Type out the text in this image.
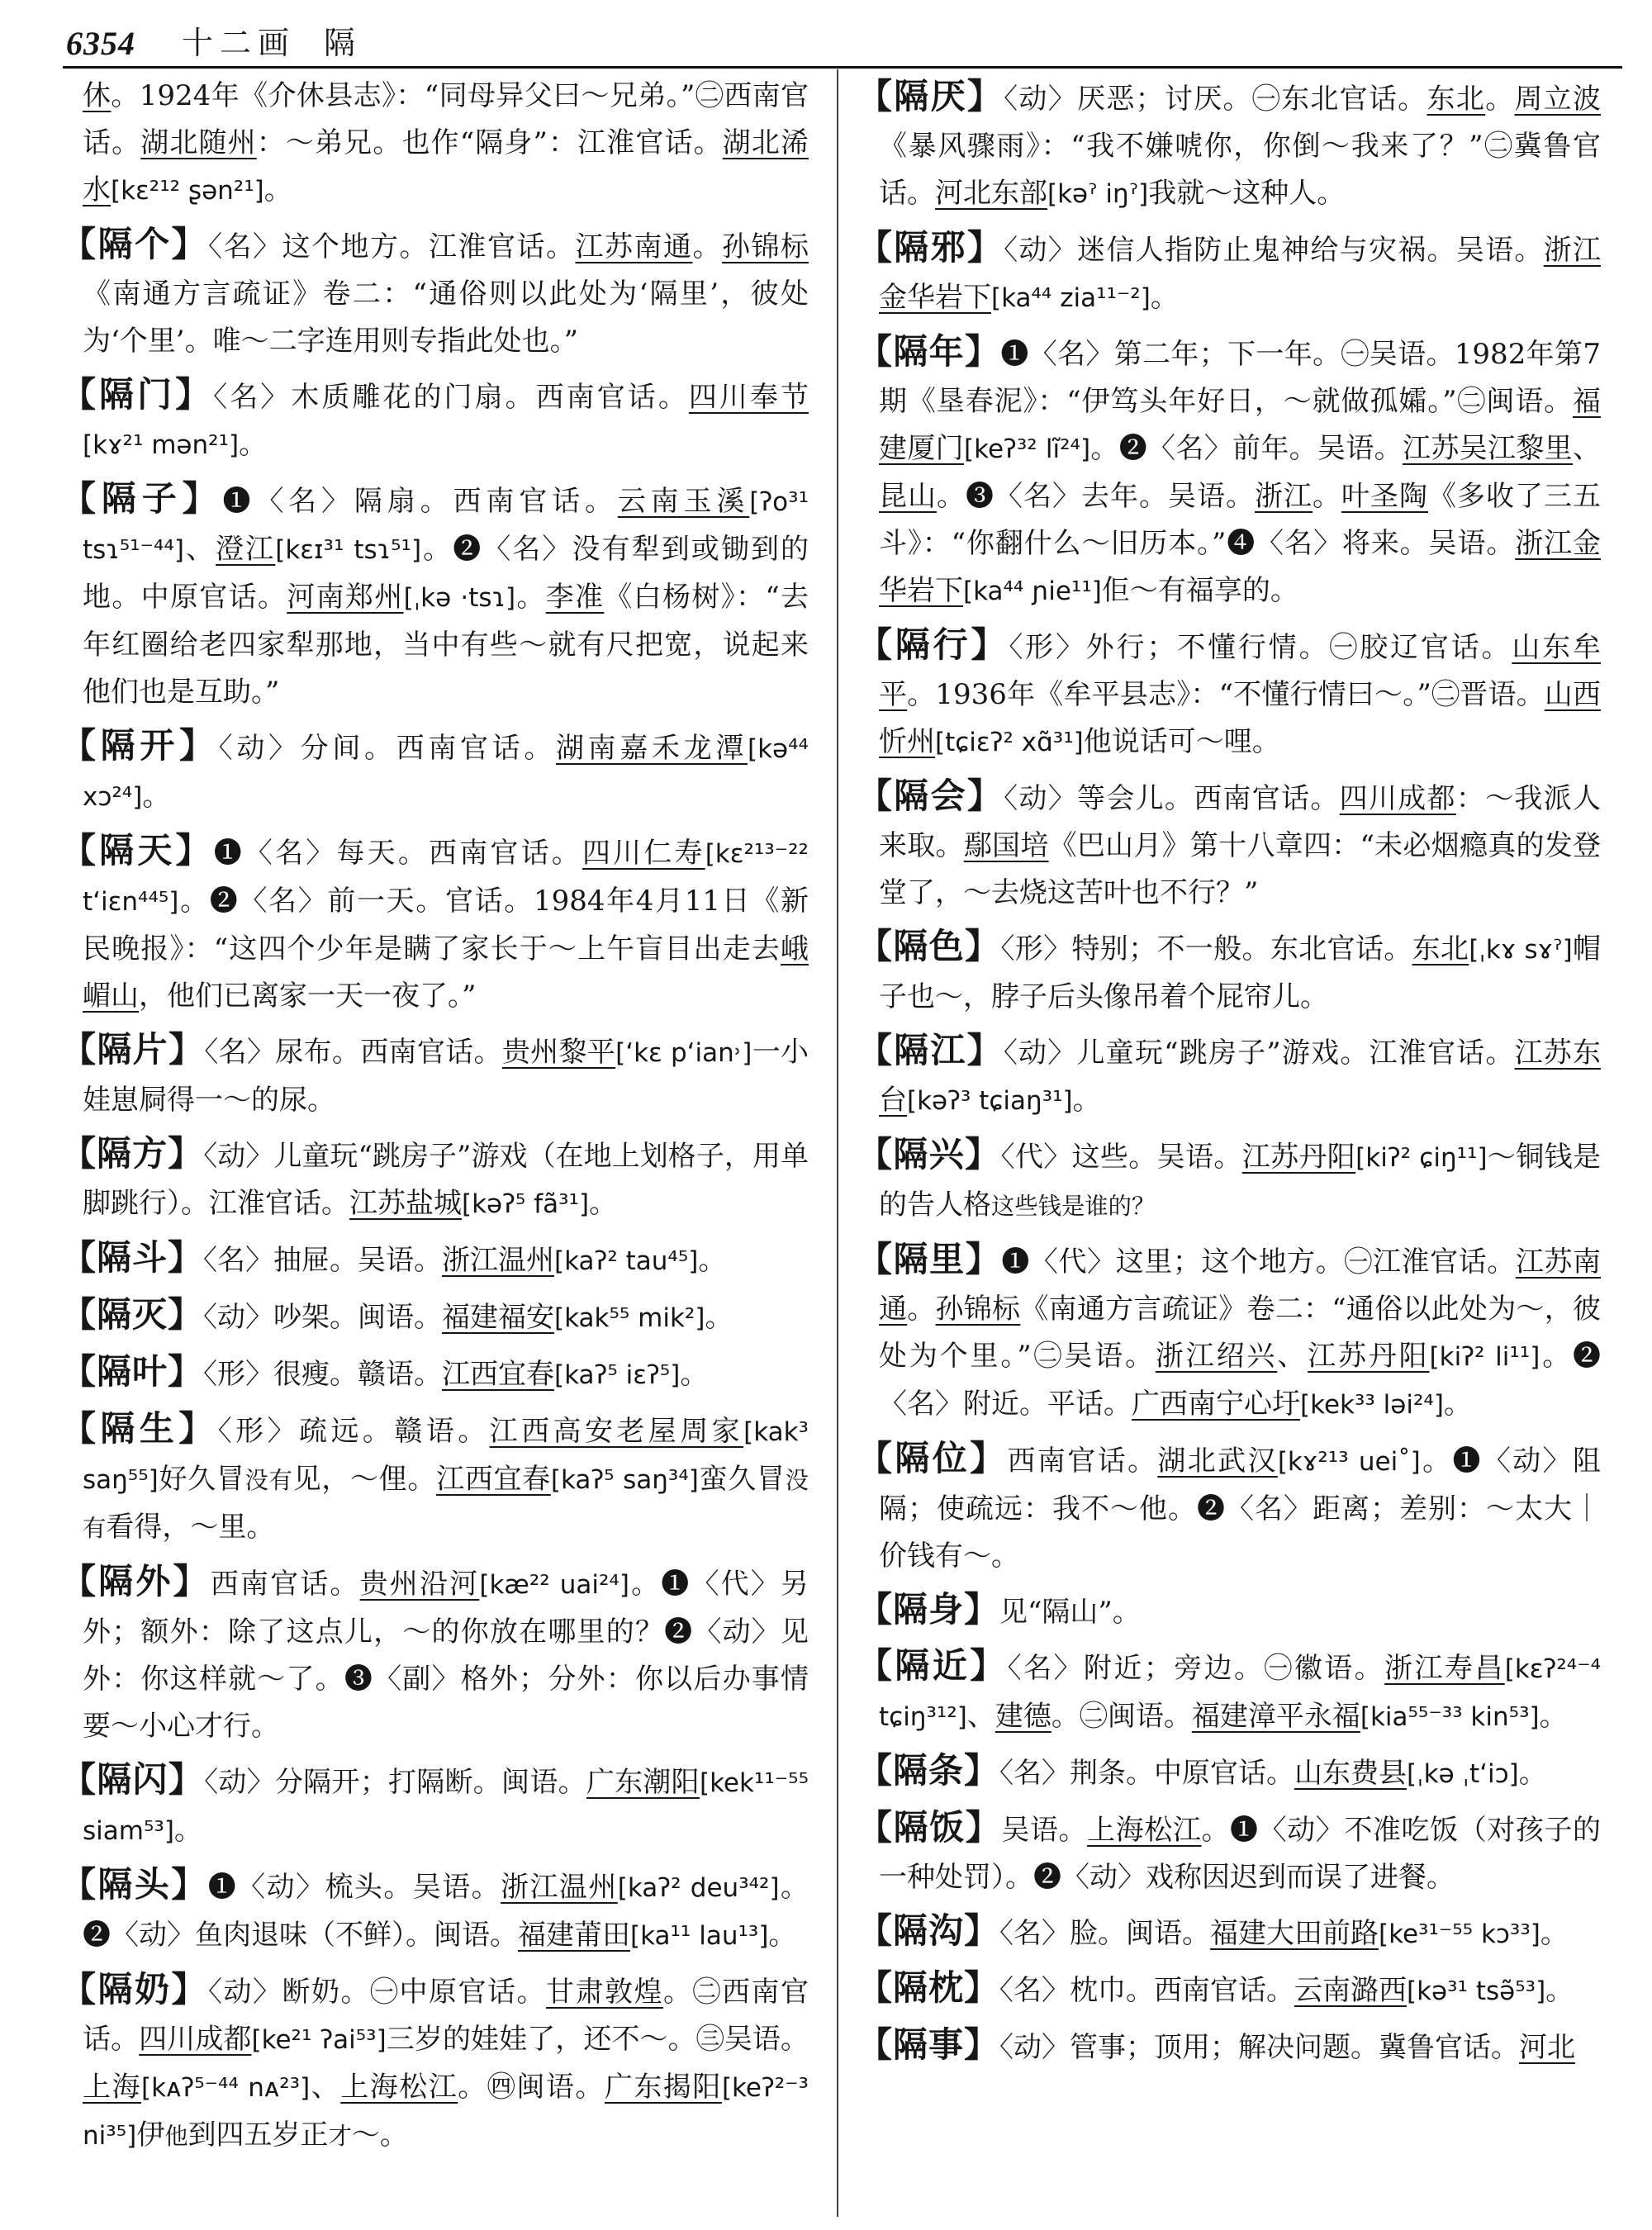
6354 十二画 隔

休。1924年《介休县志》：“同母异父曰～兄弟。”㊁西南官话。湖北随州：～弟兄。也作“隔身”：江淮官话。湖北浠水[kɛ²¹² ʂən²¹]。

【隔个】〈名〉这个地方。江淮官话。江苏南通。孙锦标《南通方言疏证》卷二：“通俗则以此处为‘隔里’，彼处为‘个里’。唯～二字连用则专指此处也。”

【隔门】〈名〉木质雕花的门扇。西南官话。四川奉节[kɤ²¹ mən²¹]。

【隔子】❶〈名〉隔扇。西南官话。云南玉溪[ʔo³¹ tsɿ⁵¹⁻⁴⁴]、澄江[kɛɪ³¹ tsɿ⁵¹]。❷〈名〉没有犁到或锄到的地。中原官话。河南郑州[ˌkə ·tsɿ]。李准《白杨树》：“去年红圈给老四家犁那地，当中有些～就有尺把宽，说起来他们也是互助。”

【隔开】〈动〉分间。西南官话。湖南嘉禾龙潭[kə⁴⁴ xɔ²⁴]。

【隔天】❶〈名〉每天。西南官话。四川仁寿[kɛ²¹³⁻²² tʻiɛn⁴⁴⁵]。❷〈名〉前一天。官话。1984年4月11日《新民晚报》：“这四个少年是瞒了家长于～上午盲目出走去峨嵋山，他们已离家一天一夜了。”

【隔片】〈名〉尿布。西南官话。贵州黎平[ʻkɛ pʻian˒]一小娃崽屙得一～的尿。

【隔方】〈动〉儿童玩“跳房子”游戏（在地上划格子，用单脚跳行）。江淮官话。江苏盐城[kəʔ⁵ fã³¹]。

【隔斗】〈名〉抽屉。吴语。浙江温州[kaʔ² tau⁴⁵]。

【隔灭】〈动〉吵架。闽语。福建福安[kak⁵⁵ mik²]。

【隔叶】〈形〉很瘦。赣语。江西宜春[kaʔ⁵ iɛʔ⁵]。

【隔生】〈形〉疏远。赣语。江西高安老屋周家[kak³ saŋ⁵⁵]好久冒没有见，～俚。江西宜春[kaʔ⁵ saŋ³⁴]蛮久冒没有看得，～里。

【隔外】西南官话。贵州沿河[kæ²² uai²⁴]。❶〈代〉另外；额外：除了这点儿，～的你放在哪里的？❷〈动〉见外：你这样就～了。❸〈副〉格外；分外：你以后办事情要～小心才行。

【隔闪】〈动〉分隔开；打隔断。闽语。广东潮阳[kek¹¹⁻⁵⁵ siam⁵³]。

【隔头】❶〈动〉梳头。吴语。浙江温州[kaʔ² deu³⁴²]。❷〈动〉鱼肉退味（不鲜）。闽语。福建莆田[ka¹¹ lau¹³]。

【隔奶】〈动〉断奶。㊀中原官话。甘肃敦煌。㊁西南官话。四川成都[ke²¹ ʔai⁵³]三岁的娃娃了，还不～。㊂吴语。上海[kᴀʔ⁵⁻⁴⁴ nᴀ²³]、上海松江。㊃闽语。广东揭阳[keʔ²⁻³ ni³⁵]伊他到四五岁正才～。

【隔厌】〈动〉厌恶；讨厌。㊀东北官话。东北。周立波《暴风骤雨》：“我不嫌唬你，你倒～我来了？”㊁冀鲁官话。河北东部[kəˀ iŋˀ]我就～这种人。

【隔邪】〈动〉迷信人指防止鬼神给与灾祸。吴语。浙江金华岩下[ka⁴⁴ zia¹¹⁻²]。

【隔年】❶〈名〉第二年；下一年。㊀吴语。1982年第7期《垦春泥》：“伊笃头年好日，～就做孤孀。”㊁闽语。福建厦门[keʔ³² lĩ²⁴]。❷〈名〉前年。吴语。江苏吴江黎里、昆山。❸〈名〉去年。吴语。浙江。叶圣陶《多收了三五斗》：“你翻什么～旧历本。”❹〈名〉将来。吴语。浙江金华岩下[ka⁴⁴ ɲie¹¹]佢～有福享的。

【隔行】〈形〉外行；不懂行情。㊀胶辽官话。山东牟平。1936年《牟平县志》：“不懂行情曰～。”㊁晋语。山西忻州[tɕiɛʔ² xɑ̃³¹]他说话可～哩。

【隔会】〈动〉等会儿。西南官话。四川成都：～我派人来取。鄢国培《巴山月》第十八章四：“未必烟瘾真的发登堂了，～去烧这苦叶也不行？”

【隔色】〈形〉特别；不一般。东北官话。东北[ˌkɤ sɤˀ]帽子也～，脖子后头像吊着个屁帘儿。

【隔江】〈动〉儿童玩“跳房子”游戏。江淮官话。江苏东台[kəʔ³ tɕiaŋ³¹]。

【隔兴】〈代〉这些。吴语。江苏丹阳[kiʔ² ɕiŋ¹¹]～铜钱是的告人格这些钱是谁的？

【隔里】❶〈代〉这里；这个地方。㊀江淮官话。江苏南通。孙锦标《南通方言疏证》卷二：“通俗以此处为～，彼处为个里。”㊁吴语。浙江绍兴、江苏丹阳[kiʔ² li¹¹]。❷〈名〉附近。平话。广西南宁心圩[kek³³ ləi²⁴]。

【隔位】西南官话。湖北武汉[kɤ²¹³ uei˚]。❶〈动〉阻隔；使疏远：我不～他。❷〈名〉距离；差别：～太大｜价钱有～。

【隔身】见“隔山”。

【隔近】〈名〉附近；旁边。㊀徽语。浙江寿昌[kɛʔ²⁴⁻⁴ tɕiŋ³¹²]、建德。㊁闽语。福建漳平永福[kia⁵⁵⁻³³ kin⁵³]。

【隔条】〈名〉荆条。中原官话。山东费县[ˌkə ˌtʻiɔ]。

【隔饭】吴语。上海松江。❶〈动〉不准吃饭（对孩子的一种处罚）。❷〈动〉戏称因迟到而误了进餐。

【隔沟】〈名〉脸。闽语。福建大田前路[ke³¹⁻⁵⁵ kɔ³³]。

【隔枕】〈名〉枕巾。西南官话。云南潞西[kə³¹ tsə̃⁵³]。

【隔事】〈动〉管事；顶用；解决问题。冀鲁官话。河北
